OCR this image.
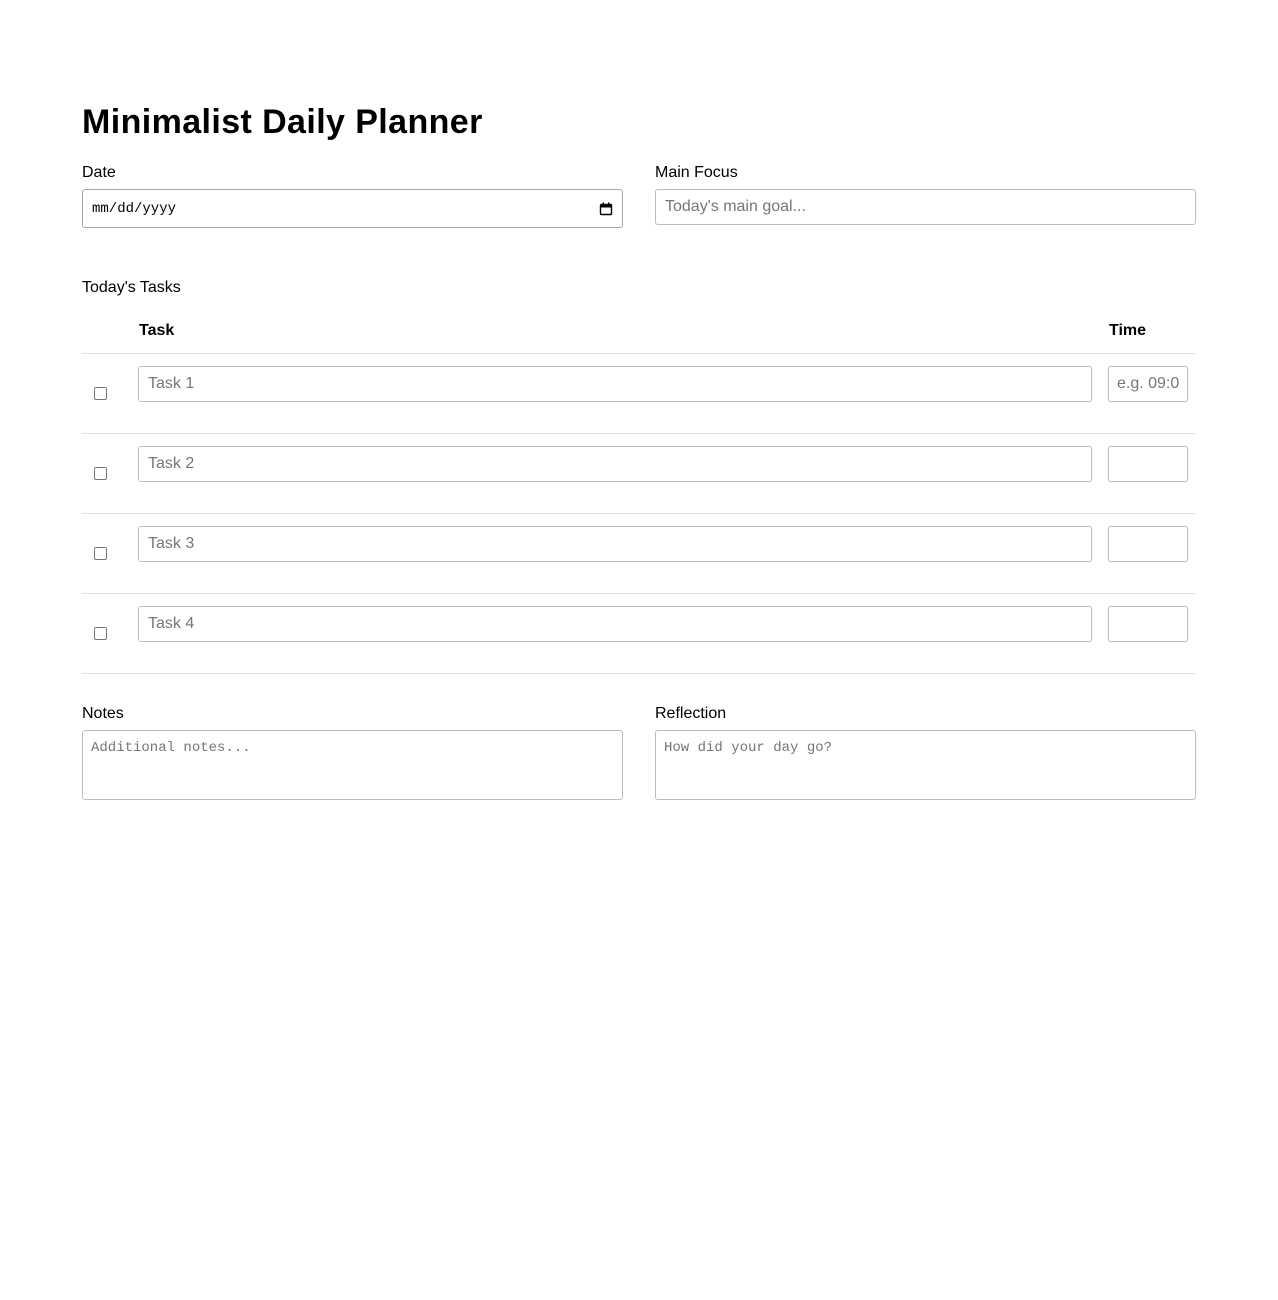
Minimalist Daily Planner
Date
mm/dd/yyyy
Main Focus
Today's main goal...
Today's Tasks
Task	Time
Task 1	e.g. 09:0
Task 2
Task 3
Task 4
Notes
Additional notes...
Reflection
How did your day go?
